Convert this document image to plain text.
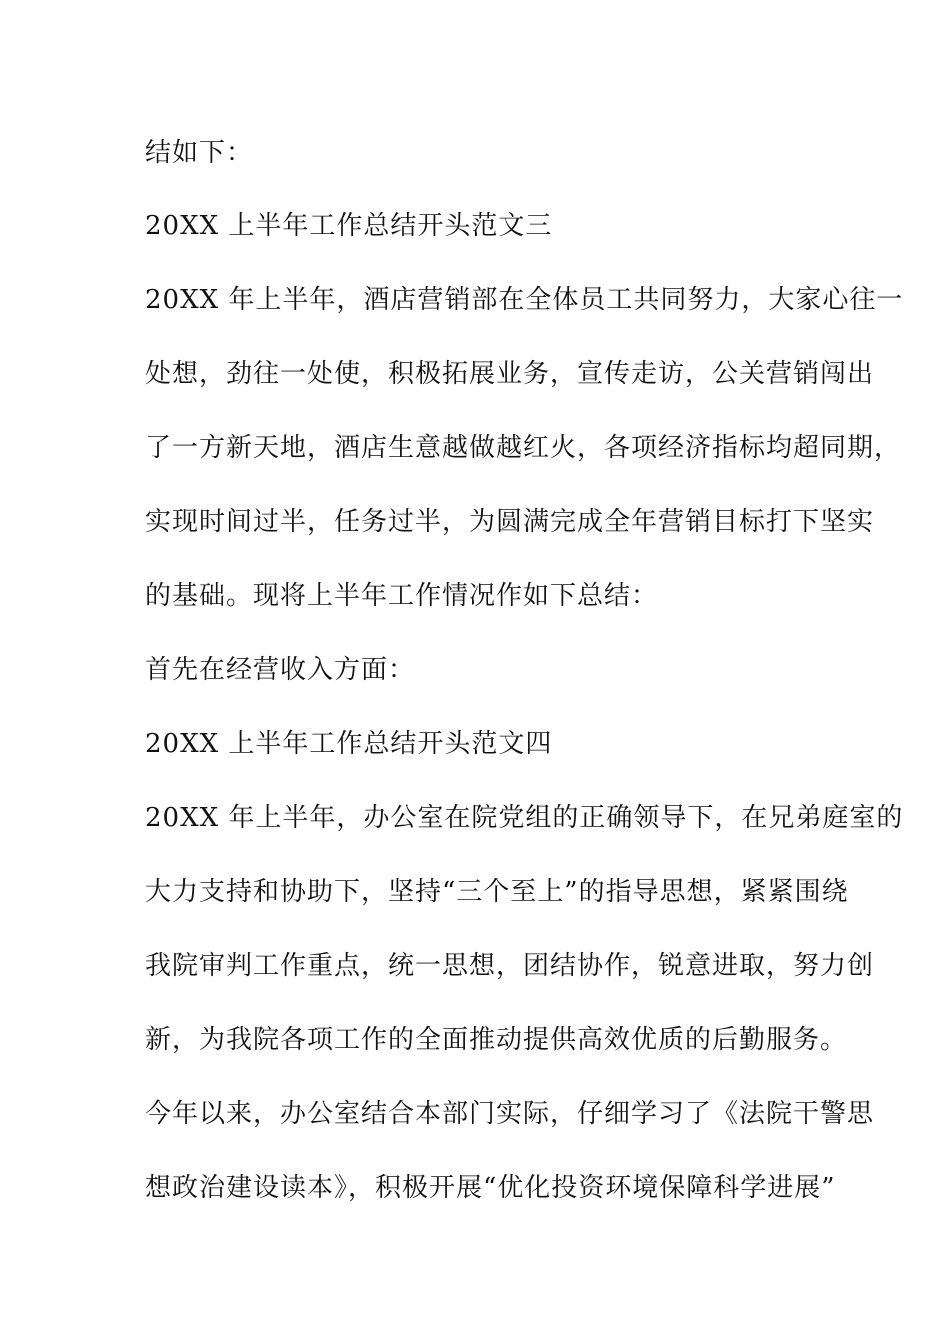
结如下：

20XX 上半年工作总结开头范文三

20XX 年上半年，酒店营销部在全体员工共同努力，大家心往一

处想，劲往一处使，积极拓展业务，宣传走访，公关营销闯出

了一方新天地，酒店生意越做越红火，各项经济指标均超同期，

实现时间过半，任务过半，为圆满完成全年营销目标打下坚实

的基础。现将上半年工作情况作如下总结：

首先在经营收入方面：

20XX 上半年工作总结开头范文四

20XX 年上半年，办公室在院党组的正确领导下，在兄弟庭室的

大力支持和协助下，坚持“三个至上”的指导思想，紧紧围绕

我院审判工作重点，统一思想，团结协作，锐意进取，努力创

新，为我院各项工作的全面推动提供高效优质的后勤服务。

今年以来，办公室结合本部门实际，仔细学习了《法院干警思

想政治建设读本》，积极开展“优化投资环境保障科学进展”
